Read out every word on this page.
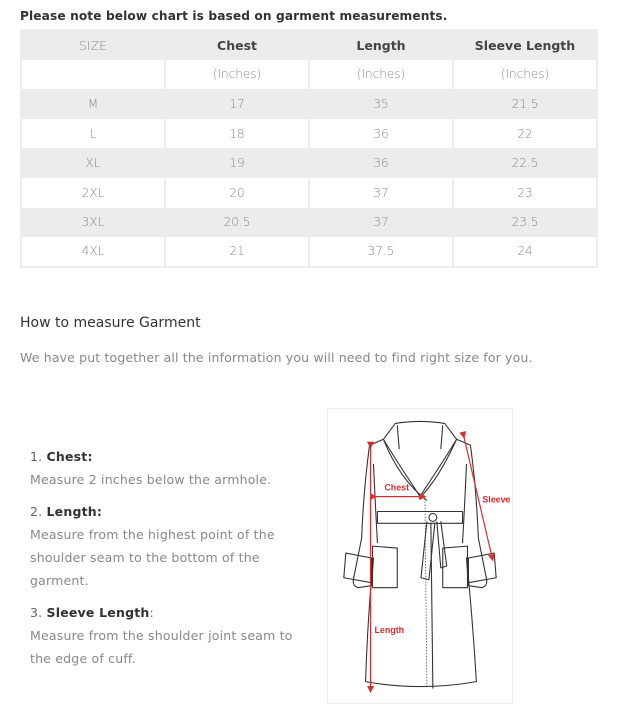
Please note below chart is based on garment measurements.
SIZE	Chest	Length	Sleeve Length
	(Inches)	(Inches)	(Inches)
M	17	35	21.5
L	18	36	22
XL	19	36	22.5
2XL	20	37	23
3XL	20.5	37	23.5
4XL	21	37.5	24
How to measure Garment
We have put together all the information you will need to find right size for you.
1. Chest:
Measure 2 inches below the armhole.
2. Length:
Measure from the highest point of the shoulder seam to the bottom of the garment.
3. Sleeve Length:
Measure from the shoulder joint seam to the edge of cuff.
Chest
Sleeve
Length
